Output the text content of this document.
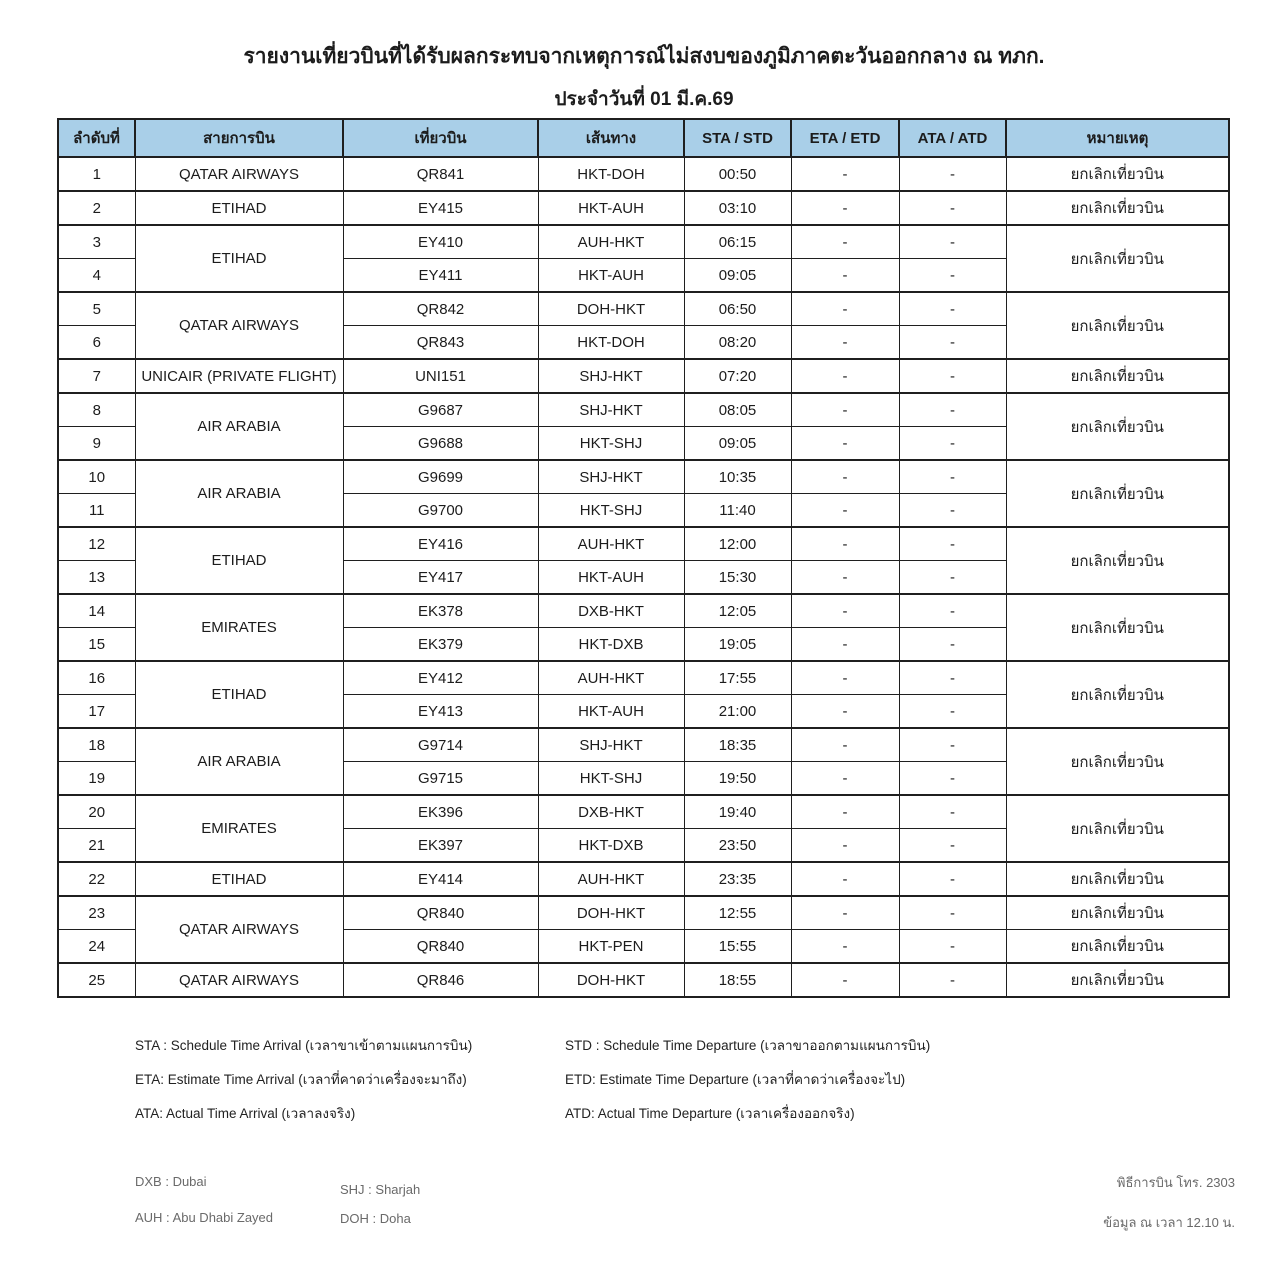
รายงานเที่ยวบินที่ได้รับผลกระทบจากเหตุการณ์ไม่สงบของภูมิภาคตะวันออกกลาง ณ ทภก.
ประจำวันที่ 01 มี.ค.69
ลำดับที่	สายการบิน	เที่ยวบิน	เส้นทาง	STA / STD	ETA / ETD	ATA / ATD	หมายเหตุ
1	QATAR AIRWAYS	QR841	HKT-DOH	00:50	-	-	ยกเลิกเที่ยวบิน
2	ETIHAD	EY415	HKT-AUH	03:10	-	-	ยกเลิกเที่ยวบิน
3	ETIHAD	EY410	AUH-HKT	06:15	-	-	ยกเลิกเที่ยวบิน
4		EY411	HKT-AUH	09:05	-	-	
5	QATAR AIRWAYS	QR842	DOH-HKT	06:50	-	-	ยกเลิกเที่ยวบิน
6		QR843	HKT-DOH	08:20	-	-	
7	UNICAIR (PRIVATE FLIGHT)	UNI151	SHJ-HKT	07:20	-	-	ยกเลิกเที่ยวบิน
8	AIR ARABIA	G9687	SHJ-HKT	08:05	-	-	ยกเลิกเที่ยวบิน
9		G9688	HKT-SHJ	09:05	-	-	
10	AIR ARABIA	G9699	SHJ-HKT	10:35	-	-	ยกเลิกเที่ยวบิน
11		G9700	HKT-SHJ	11:40	-	-	
12	ETIHAD	EY416	AUH-HKT	12:00	-	-	ยกเลิกเที่ยวบิน
13		EY417	HKT-AUH	15:30	-	-	
14	EMIRATES	EK378	DXB-HKT	12:05	-	-	ยกเลิกเที่ยวบิน
15		EK379	HKT-DXB	19:05	-	-	
16	ETIHAD	EY412	AUH-HKT	17:55	-	-	ยกเลิกเที่ยวบิน
17		EY413	HKT-AUH	21:00	-	-	
18	AIR ARABIA	G9714	SHJ-HKT	18:35	-	-	ยกเลิกเที่ยวบิน
19		G9715	HKT-SHJ	19:50	-	-	
20	EMIRATES	EK396	DXB-HKT	19:40	-	-	ยกเลิกเที่ยวบิน
21		EK397	HKT-DXB	23:50	-	-	
22	ETIHAD	EY414	AUH-HKT	23:35	-	-	ยกเลิกเที่ยวบิน
23	QATAR AIRWAYS	QR840	DOH-HKT	12:55	-	-	ยกเลิกเที่ยวบิน
24		QR840	HKT-PEN	15:55	-	-	ยกเลิกเที่ยวบิน
25	QATAR AIRWAYS	QR846	DOH-HKT	18:55	-	-	ยกเลิกเที่ยวบิน
STA : Schedule Time Arrival (เวลาขาเข้าตามแผนการบิน)	STD : Schedule Time Departure (เวลาขาออกตามแผนการบิน)
ETA: Estimate Time Arrival (เวลาที่คาดว่าเครื่องจะมาถึง)	ETD: Estimate Time Departure (เวลาที่คาดว่าเครื่องจะไป)
ATA: Actual Time Arrival (เวลาลงจริง)	ATD: Actual Time Departure (เวลาเครื่องออกจริง)
DXB : Dubai
SHJ : Sharjah
AUH : Abu Dhabi Zayed	DOH : Doha
พิธีการบิน โทร. 2303
ข้อมูล ณ เวลา 12.10 น.
